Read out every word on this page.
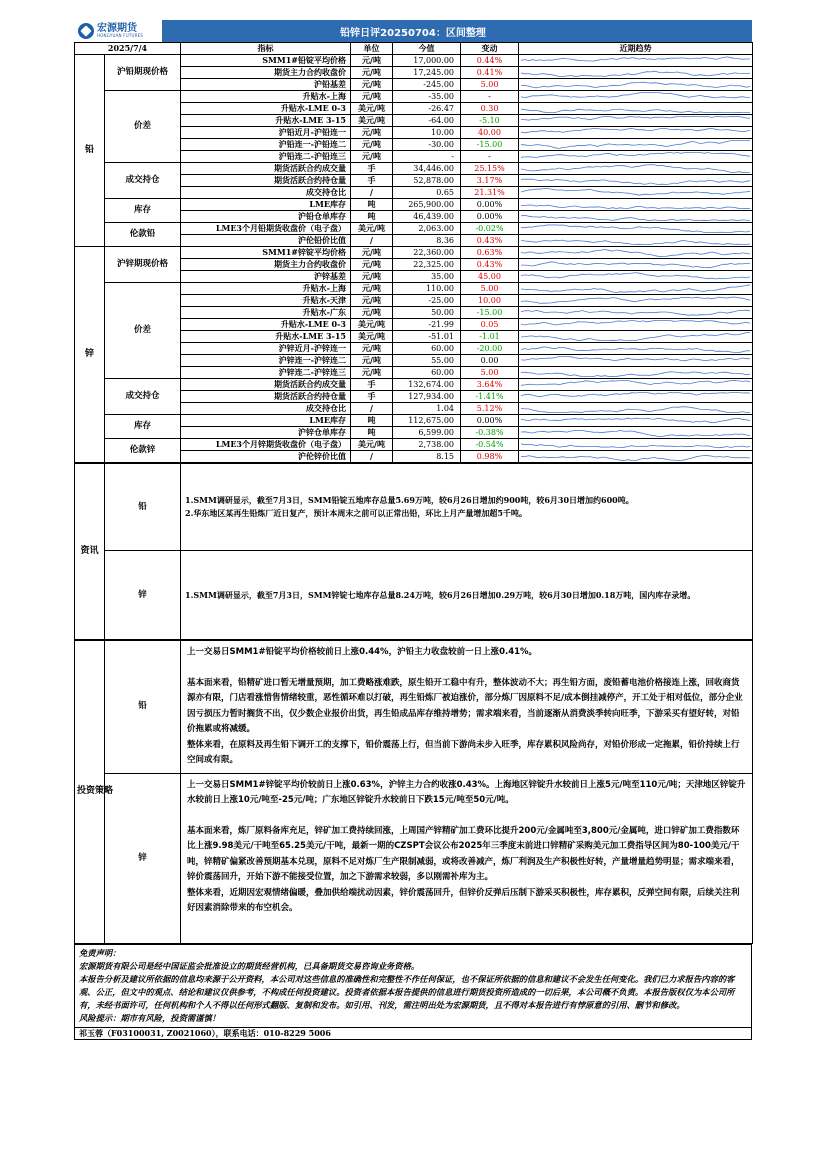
宏源期货
HONGYUAN FUTURES	铅锌日评20250704：区间整理
2025/7/4		指标	单位	今值	变动	近期趋势
铅	沪铅期现价格	SMM1#铅锭平均价格	元/吨	17,000.00	0.44%	

		期货主力合约收盘价	元/吨	17,245.00	0.41%	

		沪铅基差	元/吨	-245.00	5.00	

	价差	升贴水-上海	元/吨	-35.00	-	

		升贴水-LME 0-3	美元/吨	-26.47	0.30	

		升贴水-LME 3-15	美元/吨	-64.00	-5.10	

		沪铅近月-沪铅连一	元/吨	10.00	40.00	

		沪铅连一-沪铅连二	元/吨	-30.00	-15.00	

		沪铅连二-沪铅连三	元/吨	-	-	

	成交持仓	期货活跃合约成交量	手	34,446.00	25.15%	

		期货活跃合约持仓量	手	52,878.00	3.17%	

		成交持仓比	/	0.65	21.31%	

	库存	LME库存	吨	265,900.00	0.00%	

		沪铅仓单库存	吨	46,439.00	0.00%	

	伦款铅	LME3个月铅期货收盘价（电子盘）	美元/吨	2,063.00	-0.02%	

		沪伦铅价比值	/	8.36	0.43%	

锌	沪锌期现价格	SMM1#锌锭平均价格	元/吨	22,360.00	0.63%	

		期货主力合约收盘价	元/吨	22,325.00	0.43%	

		沪锌基差	元/吨	35.00	45.00	

	价差	升贴水-上海	元/吨	110.00	5.00	

		升贴水-天津	元/吨	-25.00	10.00	

		升贴水-广东	元/吨	50.00	-15.00	

		升贴水-LME 0-3	美元/吨	-21.99	0.05	

		升贴水-LME 3-15	美元/吨	-51.01	-1.01	

		沪锌近月-沪锌连一	元/吨	60.00	-20.00	

		沪锌连一-沪锌连二	元/吨	55.00	0.00	

		沪锌连二-沪锌连三	元/吨	60.00	5.00	

	成交持仓	期货活跃合约成交量	手	132,674.00	3.64%	

		期货活跃合约持仓量	手	127,934.00	-1.41%	

		成交持仓比	/	1.04	5.12%	

	库存	LME库存	吨	112,675.00	0.00%	

		沪锌仓单库存	吨	6,599.00	-0.38%	

	伦款锌	LME3个月锌期货收盘价（电子盘）	美元/吨	2,738.00	-0.54%	

		沪伦锌价比值	/	8.15	0.98%	
资讯	铅	1.SMM调研显示，截至7月3日，SMM铅锭五地库存总量5.69万吨，较6月26日增加约900吨，较6月30日增加约600吨。
2.华东地区某再生铅炼厂近日复产，预计本周末之前可以正常出铅，环比上月产量增加超5千吨。

	锌	1.SMM调研显示，截至7月3日，SMM锌锭七地库存总量8.24万吨，较6月26日增加0.29万吨，较6月30日增加0.18万吨，国内库存录增。
投资策略	铅	上一交易日SMM1#铅锭平均价格较前日上涨0.44%，沪铅主力收盘较前一日上涨0.41%。

基本面来看，铅精矿进口暂无增量预期，加工费略涨难跌，原生铅开工稳中有升，整体波动不大；再生铅方面，废铅蓄电池价格接连上涨，回收商货源亦有限，门店看涨惜售情绪较重，恶性循环难以打破，再生铅炼厂被迫涨价，部分炼厂因原料不足/成本倒挂减停产，开工处于相对低位，部分企业因亏损压力暂时搁货不出，仅少数企业报价出货，再生铅成品库存维持增势；需求端来看，当前逐渐从消费淡季转向旺季，下游采买有望好转，对铅价拖累或将减缓。
整体来看，在原料及再生铅下调开工的支撑下，铅价震荡上行，但当前下游尚未步入旺季，库存累积风险尚存，对铅价形成一定拖累，铅价持续上行空间或有限。

	锌	上一交易日SMM1#锌锭平均价较前日上涨0.63%，沪锌主力合约收涨0.43%。上海地区锌锭升水较前日上涨5元/吨至110元/吨；天津地区锌锭升水较前日上涨10元/吨至-25元/吨；广东地区锌锭升水较前日下跌15元/吨至50元/吨。

基本面来看，炼厂原料备库充足，锌矿加工费持续回涨，上周国产锌精矿加工费环比提升200元/金属吨至3,800元/金属吨，进口锌矿加工费指数环比上涨9.98美元/干吨至65.25美元/干吨，最新一期的CZSPT会议公布2025年三季度末前进口锌精矿采购美元加工费指导区间为80-100美元/干吨，锌精矿偏紧改善预期基本兑现，原料不足对炼厂生产限制减弱，或将改善减产，炼厂利润及生产积极性好转，产量增量趋势明显；需求端来看，锌价震荡回升，开始下游不能接受位置，加之下游需求较弱，多以刚需补库为主。
整体来看，近期因宏观情绪偏暖，叠加供给端扰动因素，锌价震荡回升，但锌价反弹后压制下游采买积极性，库存累积，反弹空间有限，后续关注利好因素消除带来的布空机会。

免责声明：
宏源期货有限公司是经中国证监会批准设立的期货经营机构，已具备期货交易咨询业务资格。
本报告分析及建议所依据的信息均来源于公开资料，本公司对这些信息的准确性和完整性不作任何保证，也不保证所依据的信息和建议不会发生任何变化。我们已力求报告内容的客观、公正，但文中的观点、结论和建议仅供参考，不构成任何投资建议。投资者依据本报告提供的信息进行期货投资所造成的一切后果，本公司概不负责。本报告版权仅为本公司所有，未经书面许可，任何机构和个人不得以任何形式翻版、复制和发布。如引用、刊发，需注明出处为宏源期货，且不得对本报告进行有悖原意的引用、删节和修改。
风险提示：期市有风险，投资需谨慎！

祁玉蓉（F03100031, Z0021060），联系电话：010-8229 5006
